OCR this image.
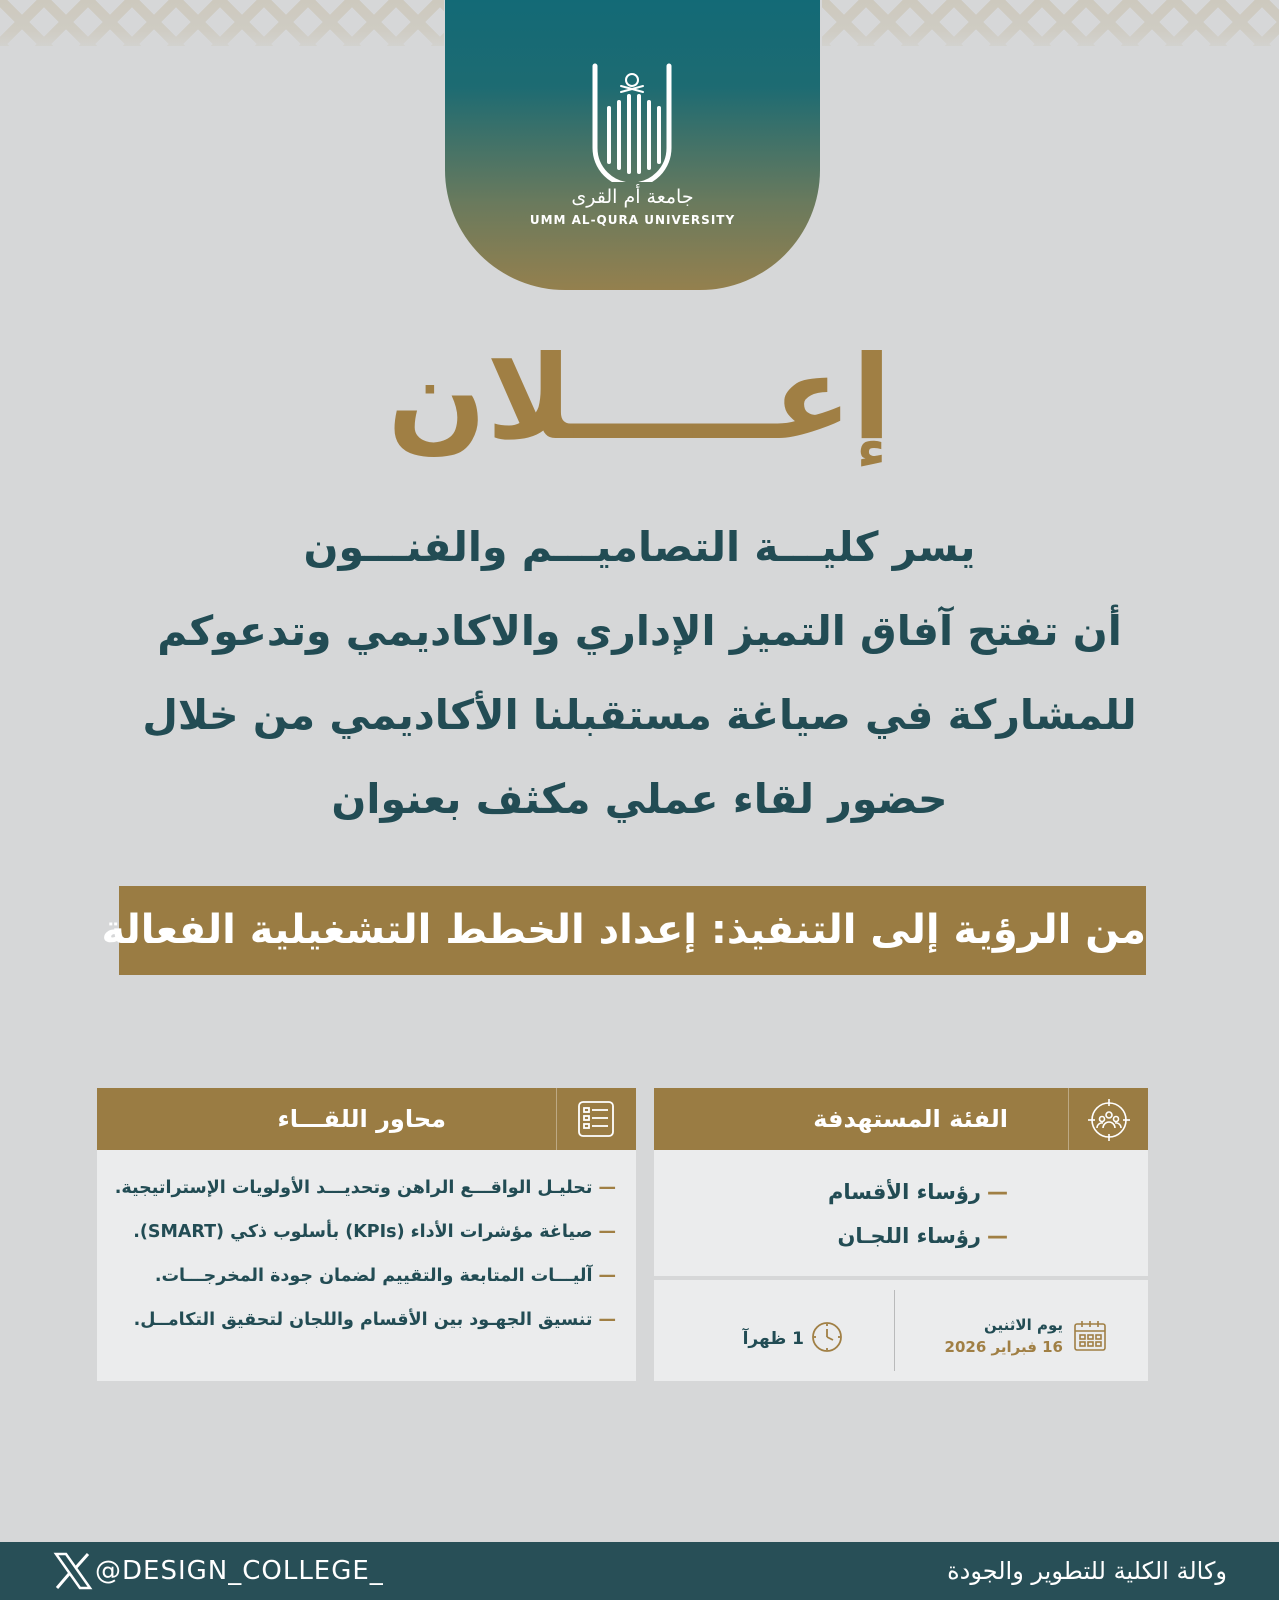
جامعة أم القرى
UMM AL-QURA UNIVERSITY
إعـــــلان
يسر كليـــة التصاميـــم والفنـــون
أن تفتح آفاق التميز الإداري والاكاديمي وتدعوكم
للمشاركة في صياغة مستقبلنا الأكاديمي من خلال
حضور لقاء عملي مكثف بعنوان
من الرؤية إلى التنفيذ: إعداد الخطط التشغيلية الفعالة
محاور اللقـــاء
—تحليـل الواقـــع الراهن وتحديـــد الأولويات الإستراتيجية.
—صياغة مؤشرات الأداء (KPIs) بأسلوب ذكي (SMART).
—آليـــات المتابعة والتقييم لضمان جودة المخرجـــات.
—تنسيق الجهـود بين الأقسام واللجان لتحقيق التكامــل.
الفئة المستهدفة
—رؤساء الأقسام
—رؤساء اللجـان
يوم الاثنين
16 فبراير 2026
1 ظهرآ
@DESIGN_COLLEGE_	وكالة الكلية للتطوير والجودة
